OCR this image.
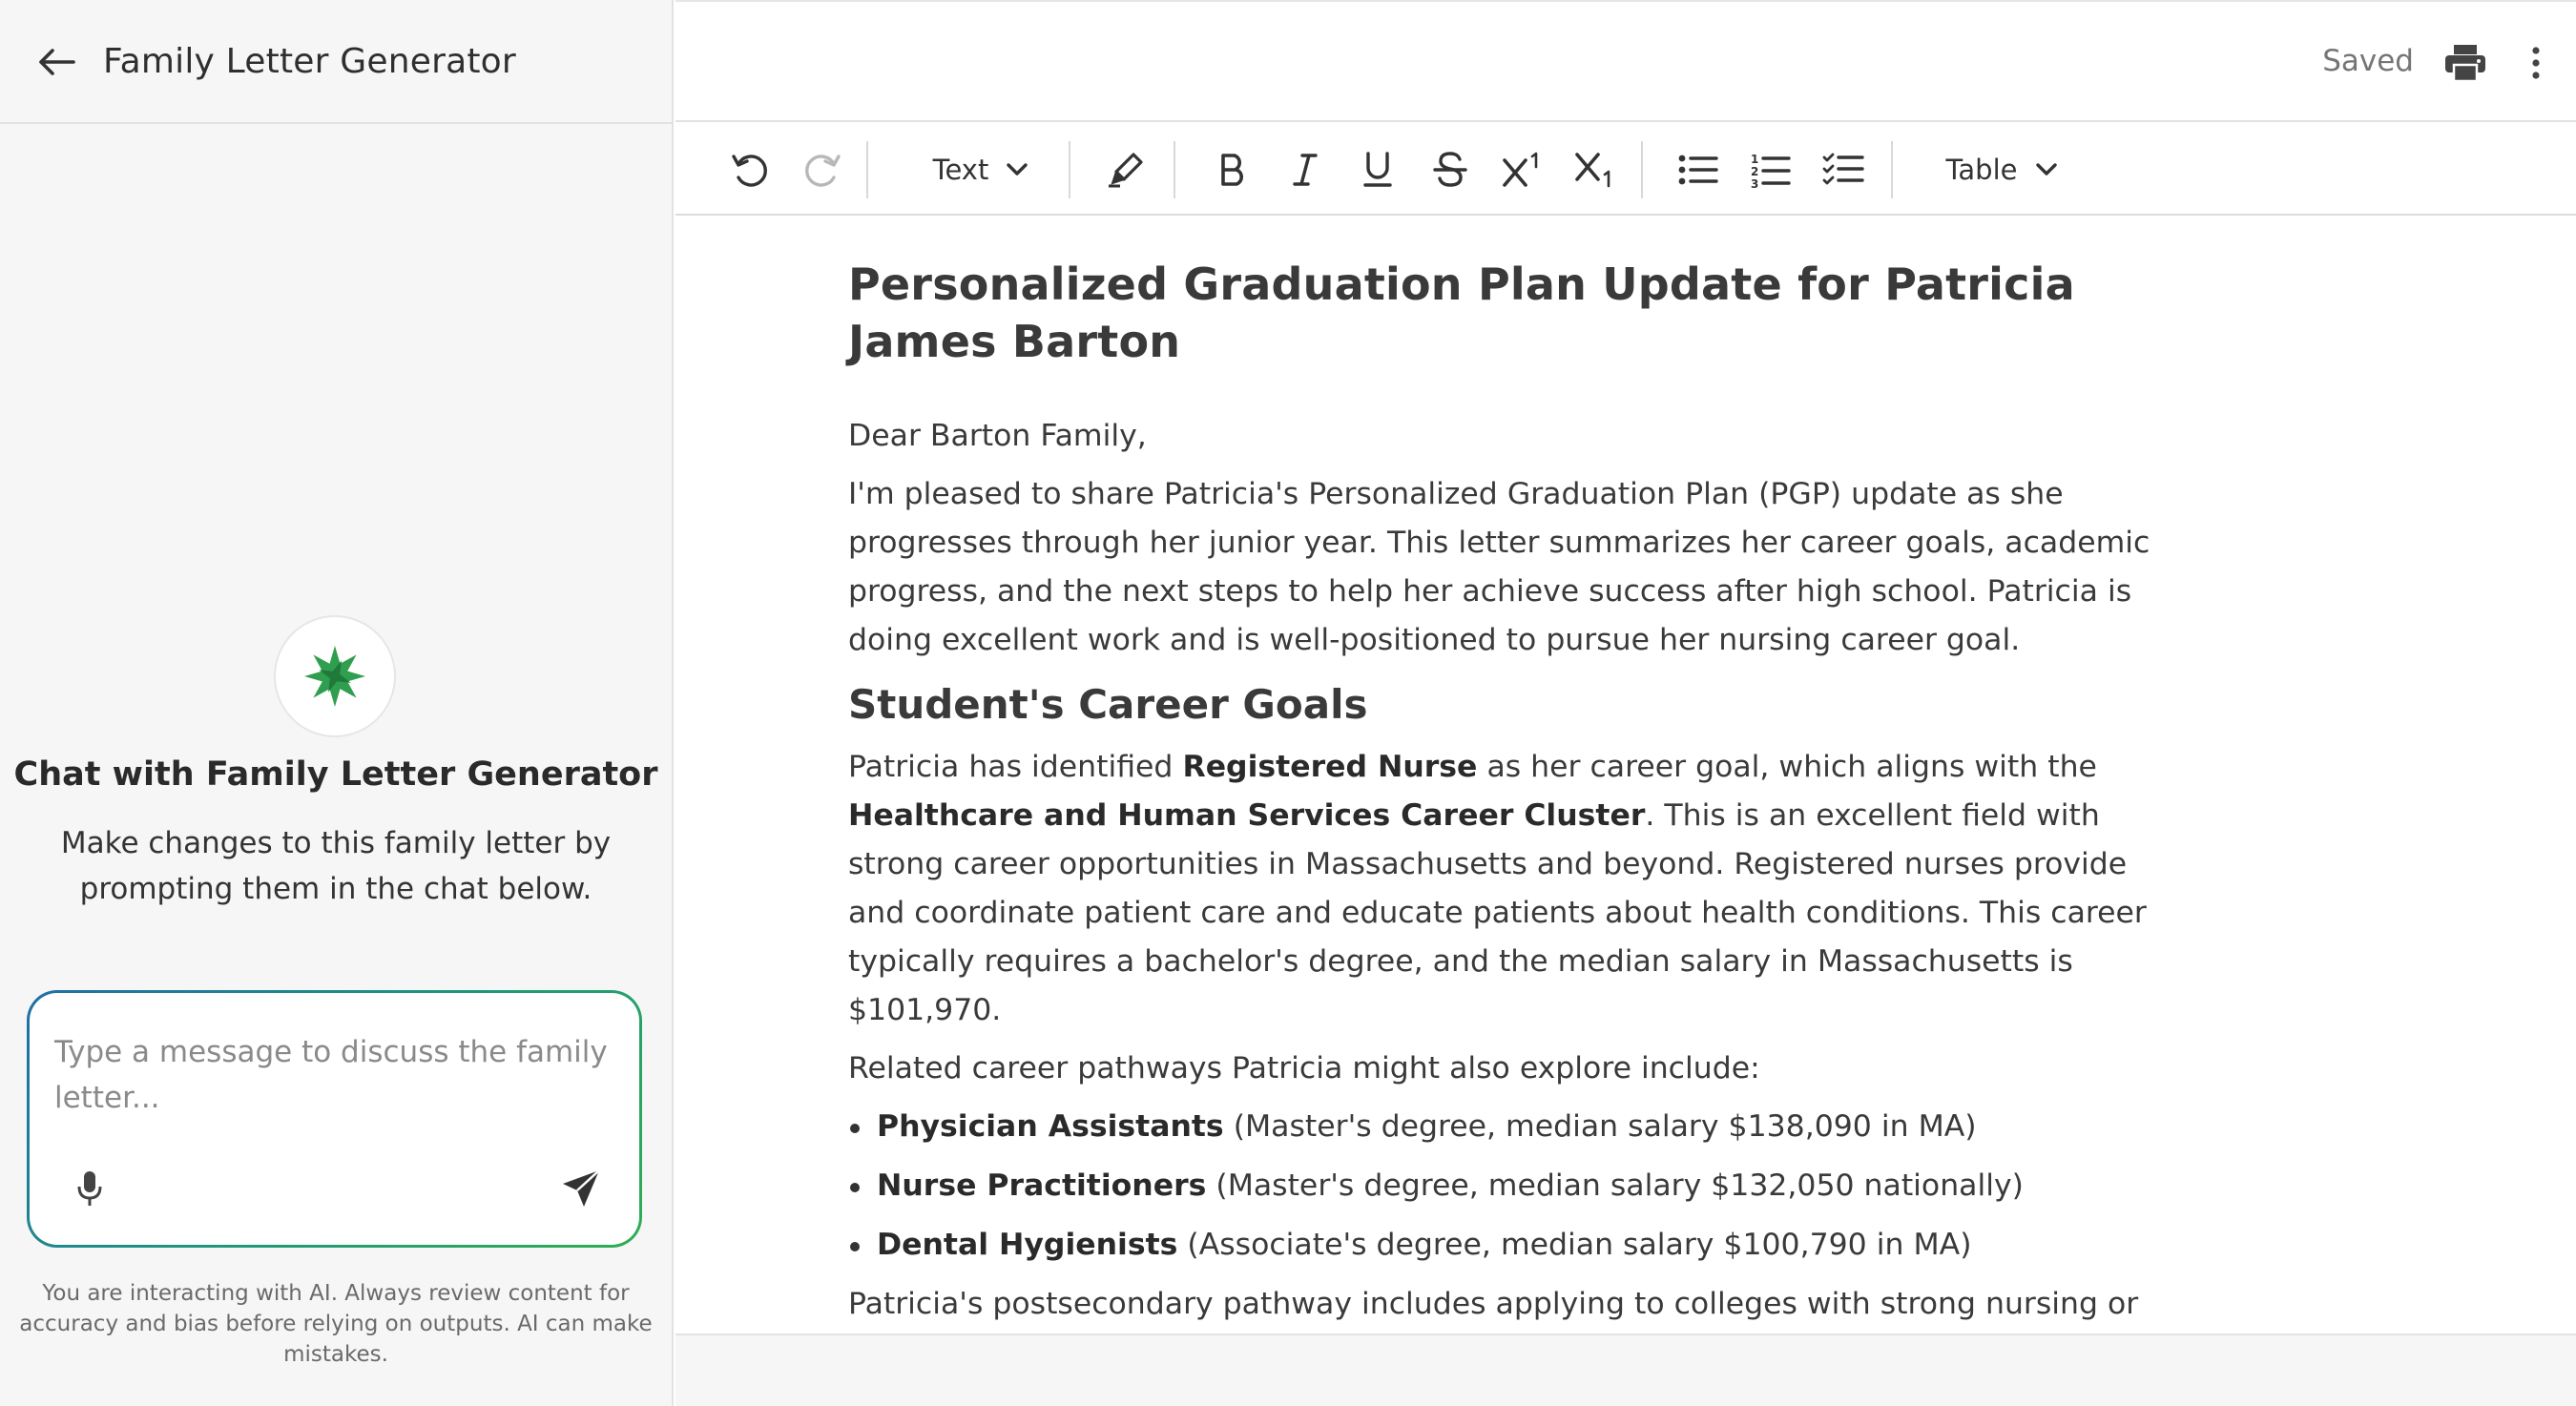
Family Letter Generator
Chat with Family Letter Generator
Make changes to this family letter by prompting them in the chat below.
Type a message to discuss the family letter...
You are interacting with AI. Always review content for accuracy and bias before relying on outputs. AI can make mistakes.
Saved
Text	1
2
3	Table
Personalized Graduation Plan Update for Patricia James Barton

Dear Barton Family,

I'm pleased to share Patricia's Personalized Graduation Plan (PGP) update as she progresses through her junior year. This letter summarizes her career goals, academic progress, and the next steps to help her achieve success after high school. Patricia is doing excellent work and is well-positioned to pursue her nursing career goal.

Student's Career Goals

Patricia has identified Registered Nurse as her career goal, which aligns with the Healthcare and Human Services Career Cluster. This is an excellent field with strong career opportunities in Massachusetts and beyond. Registered nurses provide and coordinate patient care and educate patients about health conditions. This career typically requires a bachelor's degree, and the median salary in Massachusetts is $101,970.

Related career pathways Patricia might also explore include:

Physician Assistants (Master's degree, median salary $138,090 in MA)
Nurse Practitioners (Master's degree, median salary $132,050 nationally)
Dental Hygienists (Associate's degree, median salary $100,790 in MA)

Patricia's postsecondary pathway includes applying to colleges with strong nursing or
